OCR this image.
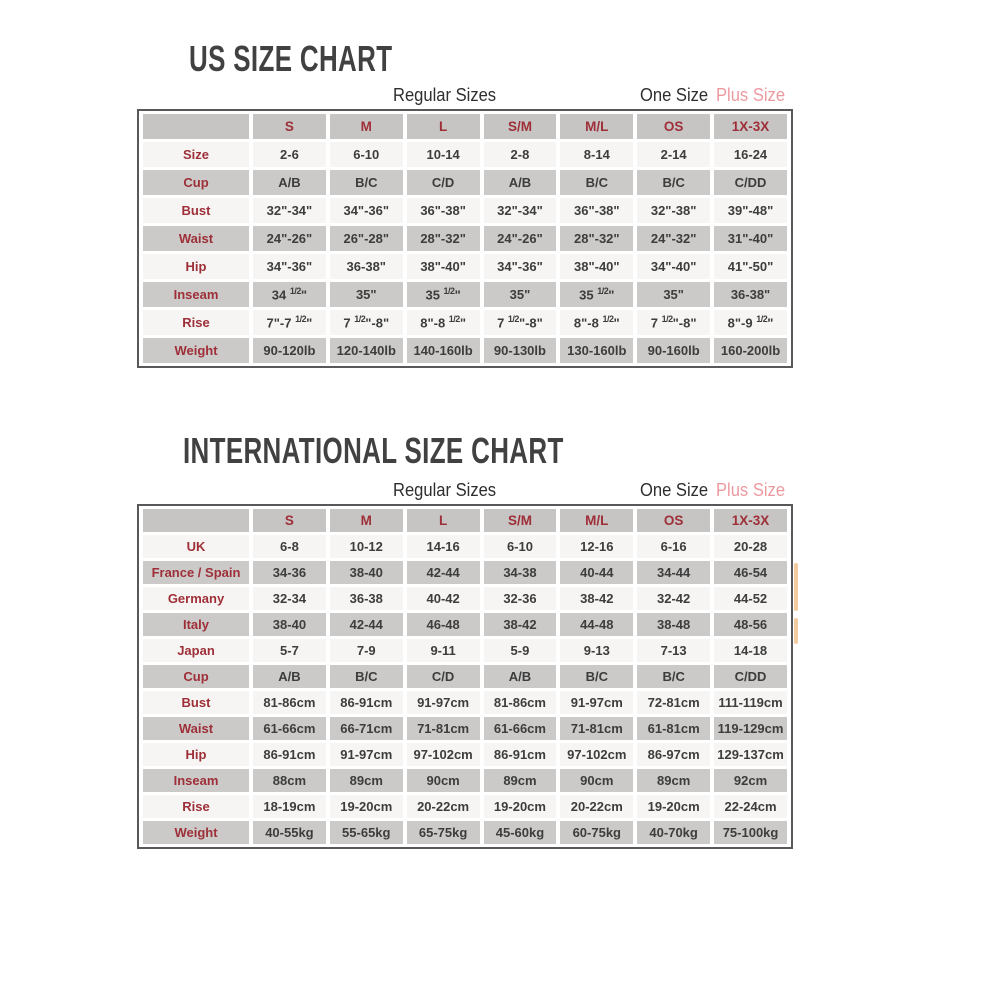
US SIZE CHART
Regular Sizes	One Size Plus Size
	S	M	L	S/M	M/L	OS	1X-3X
Size	2-6	6-10	10-14	2-8	8-14	2-14	16-24
Cup	A/B	B/C	C/D	A/B	B/C	B/C	C/DD
Bust	32"-34"	34"-36"	36"-38"	32"-34"	36"-38"	32"-38"	39"-48"
Waist	24"-26"	26"-28"	28"-32"	24"-26"	28"-32"	24"-32"	31"-40"
Hip	34"-36"	36-38"	38"-40"	34"-36"	38"-40"	34"-40"	41"-50"
Inseam	34 $^{1/2}$"	35"	35 $^{1/2}$"	35"	35 $^{1/2}$"	35"	36-38"
Rise	7"-7 $^{1/2}$"	7 $^{1/2}$"-8"	8"-8 $^{1/2}$"	7 $^{1/2}$"-8"	8"-8 $^{1/2}$"	7 $^{1/2}$"-8"	8"-9 $^{1/2}$"
Weight	90-120lb	120-140lb	140-160lb	90-130lb	130-160lb	90-160lb	160-200lb
INTERNATIONAL SIZE CHART
Regular Sizes	One Size Plus Size
	S	M	L	S/M	M/L	OS	1X-3X
UK	6-8	10-12	14-16	6-10	12-16	6-16	20-28
France / Spain	34-36	38-40	42-44	34-38	40-44	34-44	46-54
Germany	32-34	36-38	40-42	32-36	38-42	32-42	44-52
Italy	38-40	42-44	46-48	38-42	44-48	38-48	48-56
Japan	5-7	7-9	9-11	5-9	9-13	7-13	14-18
Cup	A/B	B/C	C/D	A/B	B/C	B/C	C/DD
Bust	81-86cm	86-91cm	91-97cm	81-86cm	91-97cm	72-81cm	111-119cm
Waist	61-66cm	66-71cm	71-81cm	61-66cm	71-81cm	61-81cm	119-129cm
Hip	86-91cm	91-97cm	97-102cm	86-91cm	97-102cm	86-97cm	129-137cm
Inseam	88cm	89cm	90cm	89cm	90cm	89cm	92cm
Rise	18-19cm	19-20cm	20-22cm	19-20cm	20-22cm	19-20cm	22-24cm
Weight	40-55kg	55-65kg	65-75kg	45-60kg	60-75kg	40-70kg	75-100kg
